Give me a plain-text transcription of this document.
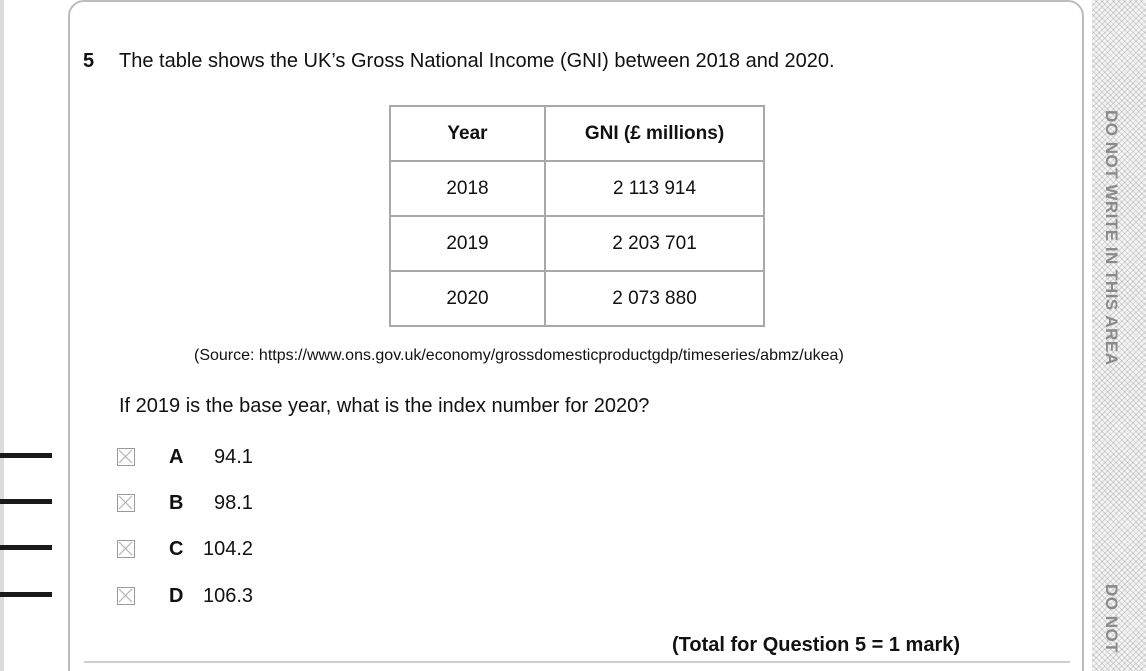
DO NOT WRITE IN THIS AREA
DO NOT
5 The table shows the UK’s Gross National Income (GNI) between 2018 and 2020.
Year	GNI (£ millions)
2018	2 113 914
2019	2 203 701
2020	2 073 880
(Source: https://www.ons.gov.uk/economy/grossdomesticproductgdp/timeseries/abmz/ukea)
If 2019 is the base year, what is the index number for 2020?
A 94.1
B 98.1
C 104.2
D 106.3
(Total for Question 5 = 1 mark)
